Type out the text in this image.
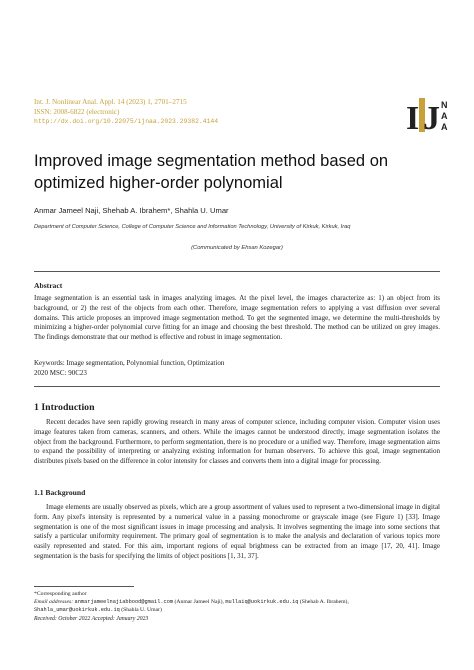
Int. J. Nonlinear Anal. Appl. 14 (2023) 1, 2701–2715
ISSN: 2008-6822 (electronic)
http://dx.doi.org/10.22075/ijnaa.2023.29382.4144	I J N
A
A
Improved image segmentation method based on optimized higher-order polynomial
Anmar Jameel Naji, Shehab A. Ibrahem*, Shahla U. Umar
Department of Computer Science, College of Computer Science and Information Technology, University of Kirkuk, Kirkuk, Iraq
(Communicated by Ehsan Kozegar)
Abstract
Image segmentation is an essential task in images analyzing images. At the pixel level, the images characterize as: 1) an object from its background, or 2) the rest of the objects from each other. Therefore, image segmentation refers to applying a vast diffusion over several domains. This article proposes an improved image segmentation method. To get the segmented image, we determine the multi-thresholds by minimizing a higher-order polynomial curve fitting for an image and choosing the best threshold. The method can be utilized on grey images. The findings demonstrate that our method is effective and robust in image segmentation.
Keywords: Image segmentation, Polynomial function, Optimization
2020 MSC: 90C23
1 Introduction
Recent decades have seen rapidly growing research in many areas of computer science, including computer vision. Computer vision uses image features taken from cameras, scanners, and others. While the images cannot be understood directly, image segmentation isolates the object from the background. Furthermore, to perform segmentation, there is no procedure or a unified way. Therefore, image segmentation aims to expand the possibility of interpreting or analyzing existing information for human observers. To achieve this goal, image segmentation distributes pixels based on the difference in color intensity for classes and converts them into a digital image for processing.
1.1 Background
Image elements are usually observed as pixels, which are a group assortment of values used to represent a two-dimensional image in digital form. Any pixel's intensity is represented by a numerical value in a passing monochrome or grayscale image (see Figure 1) [33]. Image segmentation is one of the most significant issues in image processing and analysis. It involves segmenting the image into some sections that satisfy a particular uniformity requirement. The primary goal of segmentation is to make the analysis and declaration of various topics more easily represented and stated. For this aim, important regions of equal brightness can be extracted from an image [17, 20, 41]. Image segmentation is the basis for specifying the limits of object positions [1, 31, 37].
*Corresponding author
Email addresses: anmarjameelnajiabbood@gmail.com (Anmar Jameel Naji), mullaiq@uokirkuk.edu.iq (Shehab A. Ibrahem),
Shahla_umar@uokirkuk.edu.iq (Shahla U. Umar)
Received: October 2022 Accepted: January 2023
